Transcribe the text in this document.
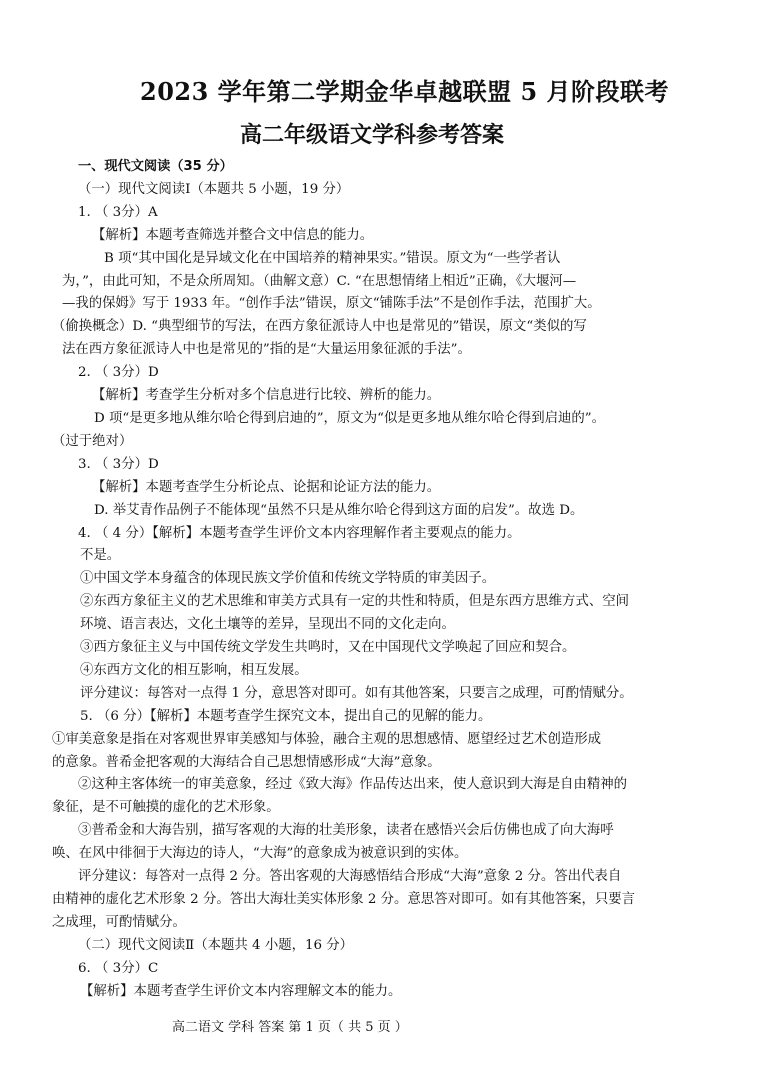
2023 学年第二学期金华卓越联盟 5 月阶段联考
高二年级语文学科参考答案

一、现代文阅读（35 分）

（一）现代文阅读Ⅰ（本题共 5 小题，19 分）

1. （ 3分）A

【解析】本题考查筛选并整合文中信息的能力。

B 项“其中国化是异域文化在中国培养的精神果实。”错误。原文为“一些学者认

为，”，由此可知，不是众所周知。（曲解文意）C. “在思想情绪上相近”正确，《大堰河—

—我的保姆》写于 1933 年。“创作手法”错误，原文“铺陈手法”不是创作手法，范围扩大。

（偷换概念）D. “典型细节的写法，在西方象征派诗人中也是常见的”错误，原文“类似的写

法在西方象征派诗人中也是常见的”指的是“大量运用象征派的手法”。

2. （ 3分）D

【解析】考查学生分析对多个信息进行比较、辨析的能力。

D 项“是更多地从维尔哈仑得到启迪的”，原文为“似是更多地从维尔哈仑得到启迪的”。

（过于绝对）

3. （ 3分）D

【解析】本题考查学生分析论点、论据和论证方法的能力。

D. 举艾青作品例子不能体现“虽然不只是从维尔哈仑得到这方面的启发”。故选 D。

4. （ 4 分）【解析】本题考查学生评价文本内容理解作者主要观点的能力。

不是。

①中国文学本身蕴含的体现民族文学价值和传统文学特质的审美因子。

②东西方象征主义的艺术思维和审美方式具有一定的共性和特质，但是东西方思维方式、空间

环境、语言表达，文化土壤等的差异，呈现出不同的文化走向。

③西方象征主义与中国传统文学发生共鸣时，又在中国现代文学唤起了回应和契合。

④东西方文化的相互影响，相互发展。

评分建议：每答对一点得 1 分，意思答对即可。如有其他答案，只要言之成理，可酌情赋分。

5. （6 分）【解析】本题考查学生探究文本，提出自己的见解的能力。

①审美意象是指在对客观世界审美感知与体验，融合主观的思想感情、愿望经过艺术创造形成

的意象。普希金把客观的大海结合自己思想情感形成“大海”意象。

②这种主客体统一的审美意象，经过《致大海》作品传达出来，使人意识到大海是自由精神的

象征，是不可触摸的虚化的艺术形象。

③普希金和大海告别，描写客观的大海的壮美形象，读者在感悟兴会后仿佛也成了向大海呼

唤、在风中徘徊于大海边的诗人，“大海”的意象成为被意识到的实体。

评分建议：每答对一点得 2 分。答出客观的大海感悟结合形成“大海”意象 2 分。答出代表自

由精神的虚化艺术形象 2 分。答出大海壮美实体形象 2 分。意思答对即可。如有其他答案，只要言

之成理，可酌情赋分。

（二）现代文阅读Ⅱ（本题共 4 小题，16 分）

6. （ 3分）C

【解析】本题考查学生评价文本内容理解文本的能力。

高二语文 学科 答案 第 1 页（ 共 5 页 ）
